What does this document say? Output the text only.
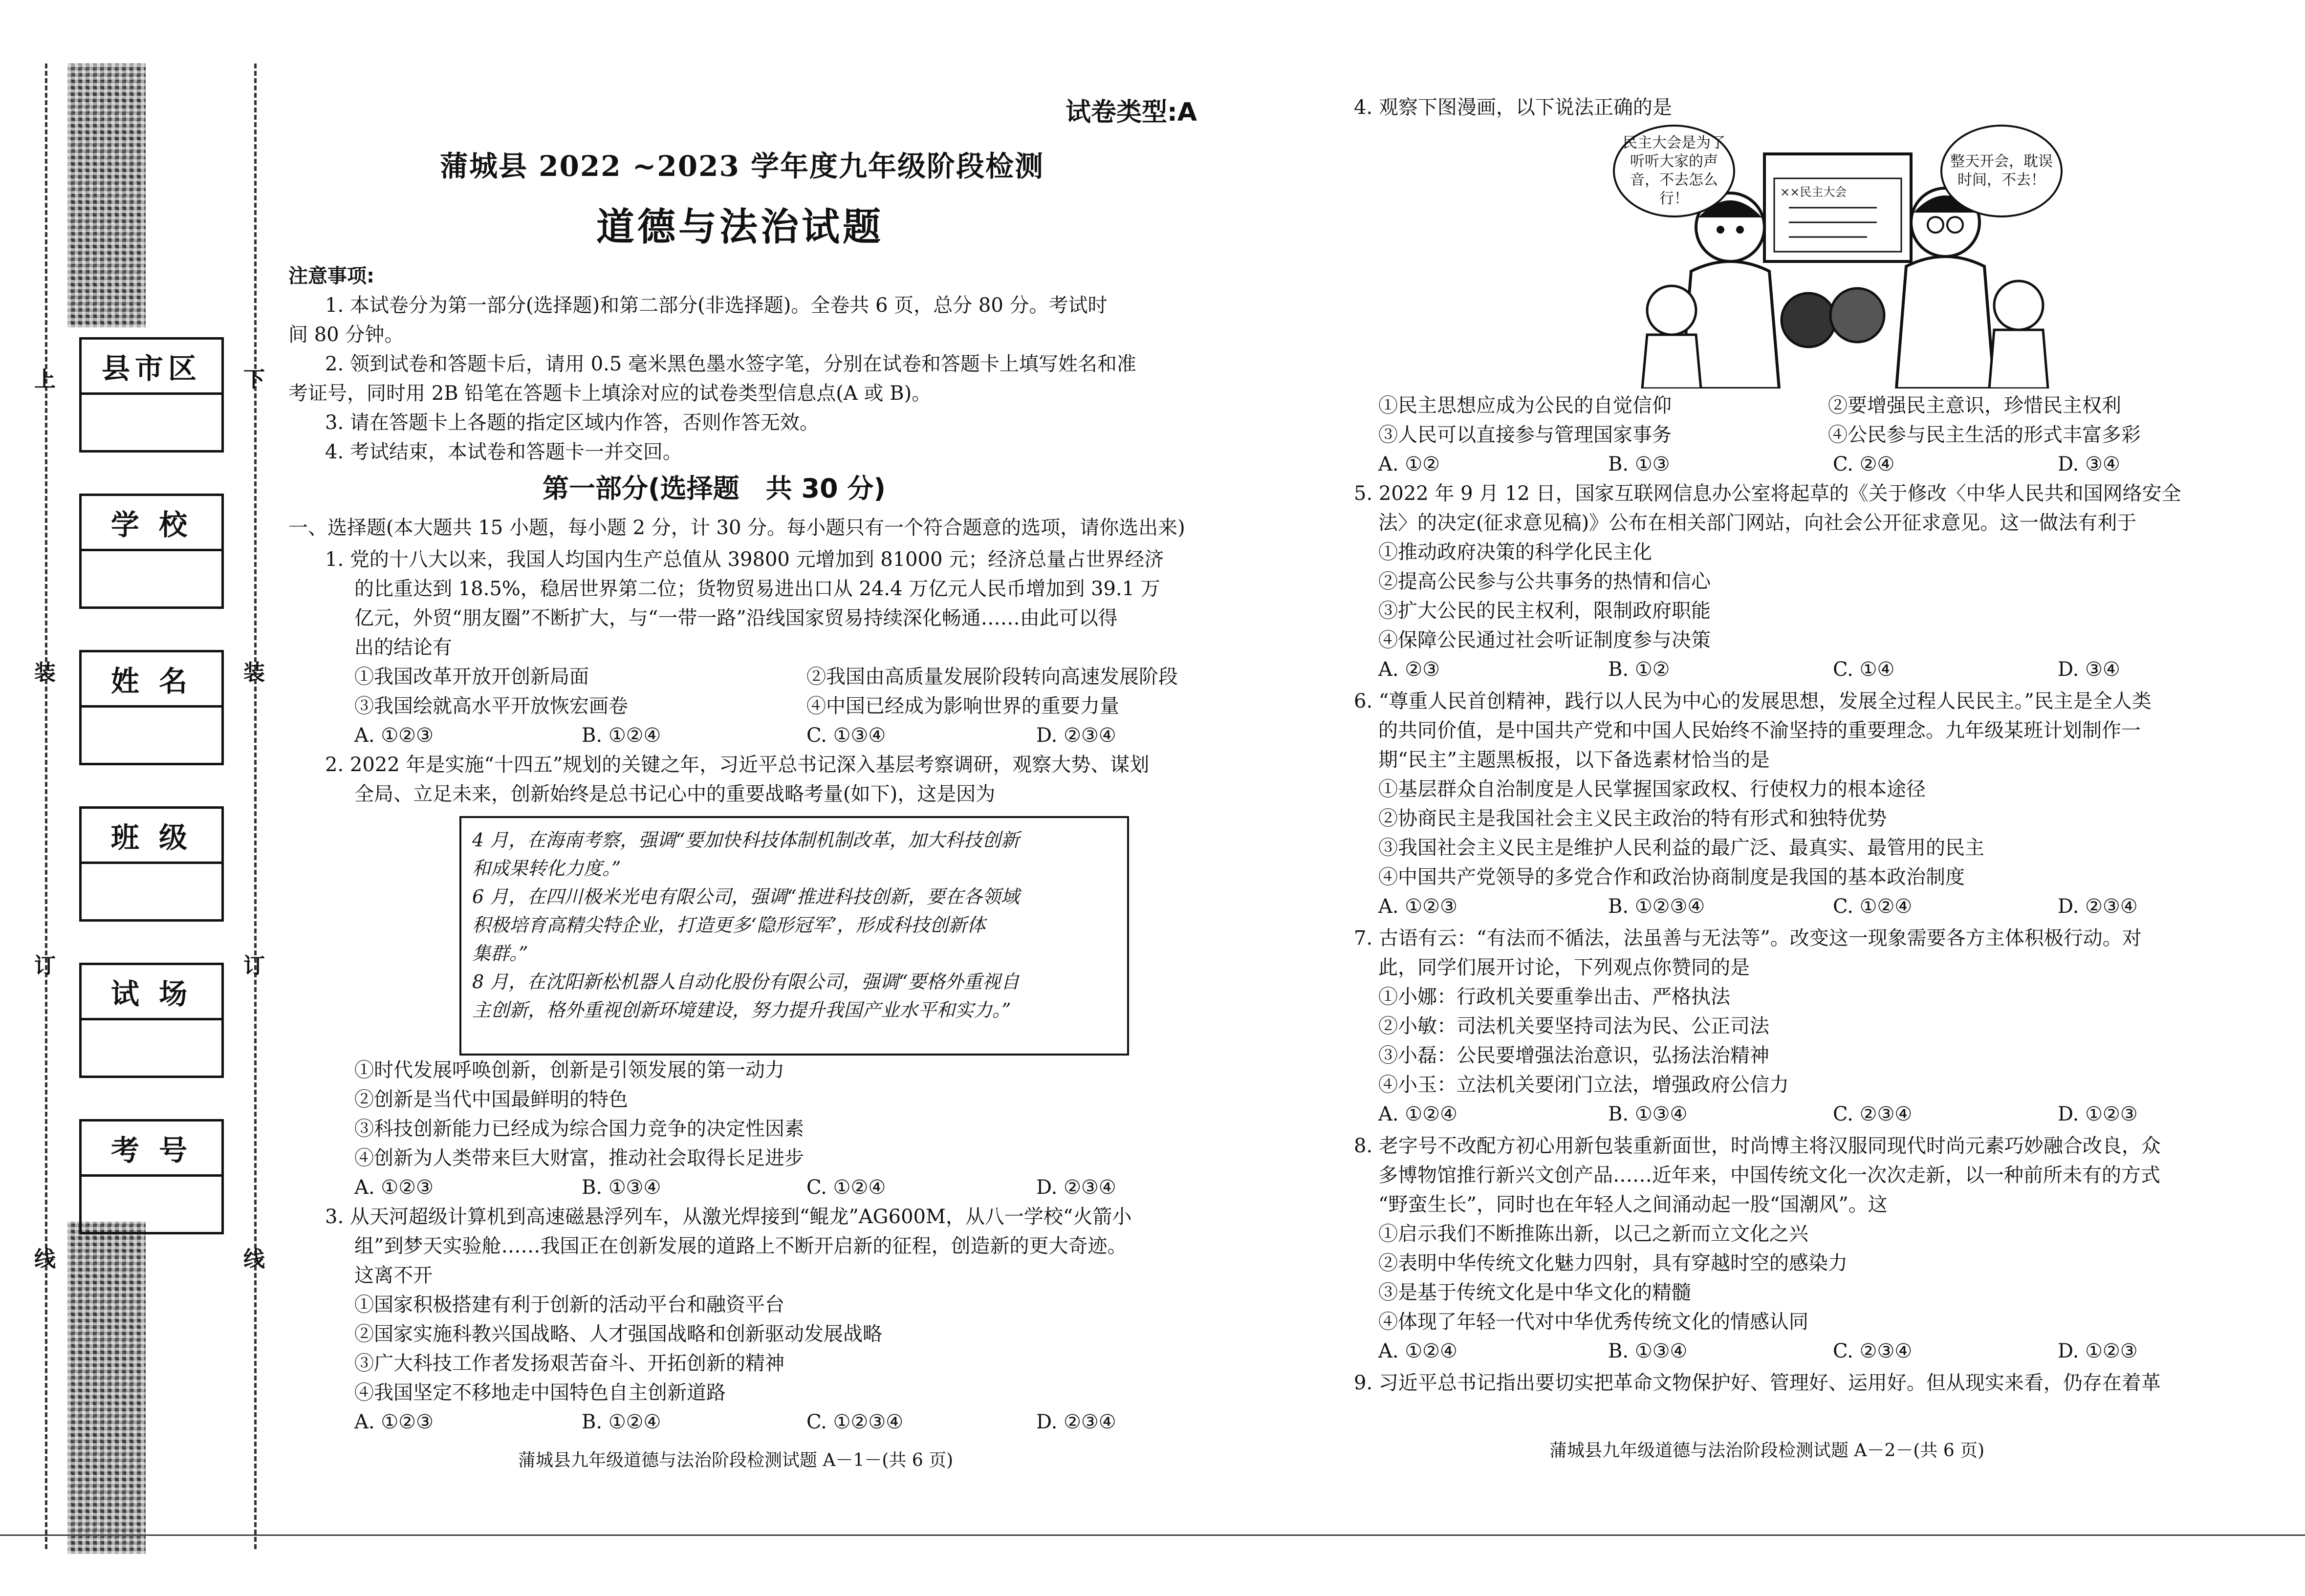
上
装
订
线
下
装
订
线
县市区
学 校
姓 名
班 级
试 场
考 号
试卷类型:A
蒲城县 2022 ~2023 学年度九年级阶段检测
道德与法治试题
注意事项:
1. 本试卷分为第一部分(选择题)和第二部分(非选择题)。全卷共 6 页，总分 80 分。考试时
间 80 分钟。
2. 领到试卷和答题卡后，请用 0.5 毫米黑色墨水签字笔，分别在试卷和答题卡上填写姓名和准
考证号，同时用 2B 铅笔在答题卡上填涂对应的试卷类型信息点(A 或 B)。
3. 请在答题卡上各题的指定区域内作答，否则作答无效。
4. 考试结束，本试卷和答题卡一并交回。
第一部分(选择题　共 30 分)
一、选择题(本大题共 15 小题，每小题 2 分，计 30 分。每小题只有一个符合题意的选项，请你选出来)
1. 党的十八大以来，我国人均国内生产总值从 39800 元增加到 81000 元；经济总量占世界经济
的比重达到 18.5%，稳居世界第二位；货物贸易进出口从 24.4 万亿元人民币增加到 39.1 万
亿元，外贸“朋友圈”不断扩大，与“一带一路”沿线国家贸易持续深化畅通……由此可以得
出的结论有
①我国改革开放开创新局面	②我国由高质量发展阶段转向高速发展阶段
③我国绘就高水平开放恢宏画卷	④中国已经成为影响世界的重要力量
A. ①②③	B. ①②④	C. ①③④	D. ②③④
2. 2022 年是实施“十四五”规划的关键之年，习近平总书记深入基层考察调研，观察大势、谋划
全局、立足未来，创新始终是总书记心中的重要战略考量(如下)，这是因为

4 月，在海南考察，强调“要加快科技体制机制改革，加大科技创新

和成果转化力度。”

6 月，在四川极米光电有限公司，强调“推进科技创新，要在各领域

积极培育高精尖特企业，打造更多‘隐形冠军’，形成科技创新体

集群。”

8 月，在沈阳新松机器人自动化股份有限公司，强调“要格外重视自

主创新，格外重视创新环境建设，努力提升我国产业水平和实力。”

①时代发展呼唤创新，创新是引领发展的第一动力
②创新是当代中国最鲜明的特色
③科技创新能力已经成为综合国力竞争的决定性因素
④创新为人类带来巨大财富，推动社会取得长足进步
A. ①②③	B. ①③④	C. ①②④	D. ②③④
3. 从天河超级计算机到高速磁悬浮列车，从激光焊接到“鲲龙”AG600M，从八一学校“火箭小
组”到梦天实验舱……我国正在创新发展的道路上不断开启新的征程，创造新的更大奇迹。
这离不开
①国家积极搭建有利于创新的活动平台和融资平台
②国家实施科教兴国战略、人才强国战略和创新驱动发展战略
③广大科技工作者发扬艰苦奋斗、开拓创新的精神
④我国坚定不移地走中国特色自主创新道路
A. ①②③	B. ①②④	C. ①②③④	D. ②③④
蒲城县九年级道德与法治阶段检测试题 A－1－(共 6 页)
4. 观察下图漫画，以下说法正确的是
××民主大会
民主大会是为了听听大家的声音，不去怎么行！
整天开会，耽误时间，不去！
①民主思想应成为公民的自觉信仰	②要增强民主意识，珍惜民主权利
③人民可以直接参与管理国家事务	④公民参与民主生活的形式丰富多彩
A. ①②	B. ①③	C. ②④	D. ③④
5. 2022 年 9 月 12 日，国家互联网信息办公室将起草的《关于修改〈中华人民共和国网络安全
法〉的决定(征求意见稿)》公布在相关部门网站，向社会公开征求意见。这一做法有利于
①推动政府决策的科学化民主化
②提高公民参与公共事务的热情和信心
③扩大公民的民主权利，限制政府职能
④保障公民通过社会听证制度参与决策
A. ②③	B. ①②	C. ①④	D. ③④
6. “尊重人民首创精神，践行以人民为中心的发展思想，发展全过程人民民主。”民主是全人类
的共同价值，是中国共产党和中国人民始终不渝坚持的重要理念。九年级某班计划制作一
期“民主”主题黑板报，以下备选素材恰当的是
①基层群众自治制度是人民掌握国家政权、行使权力的根本途径
②协商民主是我国社会主义民主政治的特有形式和独特优势
③我国社会主义民主是维护人民利益的最广泛、最真实、最管用的民主
④中国共产党领导的多党合作和政治协商制度是我国的基本政治制度
A. ①②③	B. ①②③④	C. ①②④	D. ②③④
7. 古语有云：“有法而不循法，法虽善与无法等”。改变这一现象需要各方主体积极行动。对
此，同学们展开讨论，下列观点你赞同的是
①小娜：行政机关要重拳出击、严格执法
②小敏：司法机关要坚持司法为民、公正司法
③小磊：公民要增强法治意识，弘扬法治精神
④小玉：立法机关要闭门立法，增强政府公信力
A. ①②④	B. ①③④	C. ②③④	D. ①②③
8. 老字号不改配方初心用新包装重新面世，时尚博主将汉服同现代时尚元素巧妙融合改良，众
多博物馆推行新兴文创产品……近年来，中国传统文化一次次走新，以一种前所未有的方式
“野蛮生长”，同时也在年轻人之间涌动起一股“国潮风”。这
①启示我们不断推陈出新，以己之新而立文化之兴
②表明中华传统文化魅力四射，具有穿越时空的感染力
③是基于传统文化是中华文化的精髓
④体现了年轻一代对中华优秀传统文化的情感认同
A. ①②④	B. ①③④	C. ②③④	D. ①②③
9. 习近平总书记指出要切实把革命文物保护好、管理好、运用好。但从现实来看，仍存在着革
蒲城县九年级道德与法治阶段检测试题 A－2－(共 6 页)
